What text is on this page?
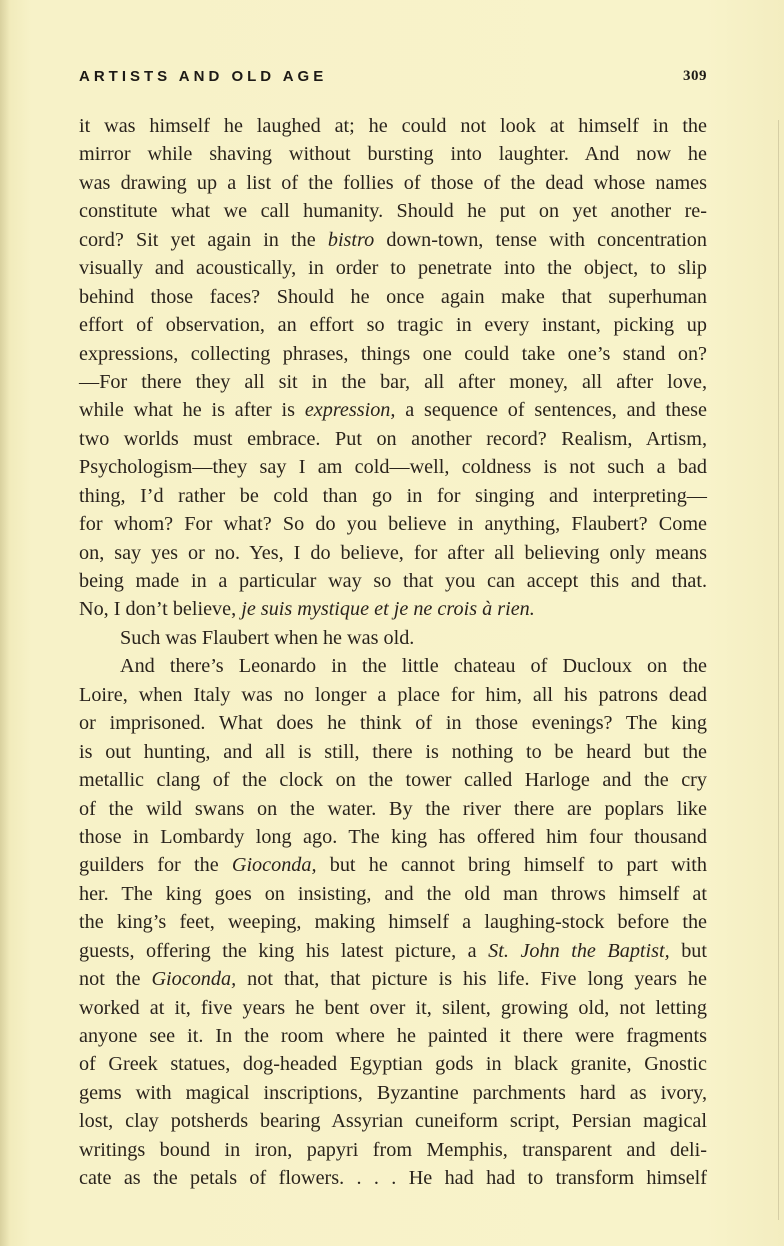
ARTISTS AND OLD AGE	309
it was himself he laughed at; he could not look at himself in the
mirror while shaving without bursting into laughter. And now he
was drawing up a list of the follies of those of the dead whose names
constitute what we call humanity. Should he put on yet another re-
cord? Sit yet again in the bistro down-town, tense with concentration
visually and acoustically, in order to penetrate into the object, to slip
behind those faces? Should he once again make that superhuman
effort of observation, an effort so tragic in every instant, picking up
expressions, collecting phrases, things one could take one’s stand on?
—For there they all sit in the bar, all after money, all after love,
while what he is after is expression, a sequence of sentences, and these
two worlds must embrace. Put on another record? Realism, Artism,
Psychologism—they say I am cold—well, coldness is not such a bad
thing, I’d rather be cold than go in for singing and interpreting—
for whom? For what? So do you believe in anything, Flaubert? Come
on, say yes or no. Yes, I do believe, for after all believing only means
being made in a particular way so that you can accept this and that.
No, I don’t believe, je suis mystique et je ne crois à rien.
Such was Flaubert when he was old.
And there’s Leonardo in the little chateau of Ducloux on the
Loire, when Italy was no longer a place for him, all his patrons dead
or imprisoned. What does he think of in those evenings? The king
is out hunting, and all is still, there is nothing to be heard but the
metallic clang of the clock on the tower called Harloge and the cry
of the wild swans on the water. By the river there are poplars like
those in Lombardy long ago. The king has offered him four thousand
guilders for the Gioconda, but he cannot bring himself to part with
her. The king goes on insisting, and the old man throws himself at
the king’s feet, weeping, making himself a laughing-stock before the
guests, offering the king his latest picture, a St. John the Baptist, but
not the Gioconda, not that, that picture is his life. Five long years he
worked at it, five years he bent over it, silent, growing old, not letting
anyone see it. In the room where he painted it there were fragments
of Greek statues, dog-headed Egyptian gods in black granite, Gnostic
gems with magical inscriptions, Byzantine parchments hard as ivory,
lost, clay potsherds bearing Assyrian cuneiform script, Persian magical
writings bound in iron, papyri from Memphis, transparent and deli-
cate as the petals of flowers. . . . He had had to transform himself
